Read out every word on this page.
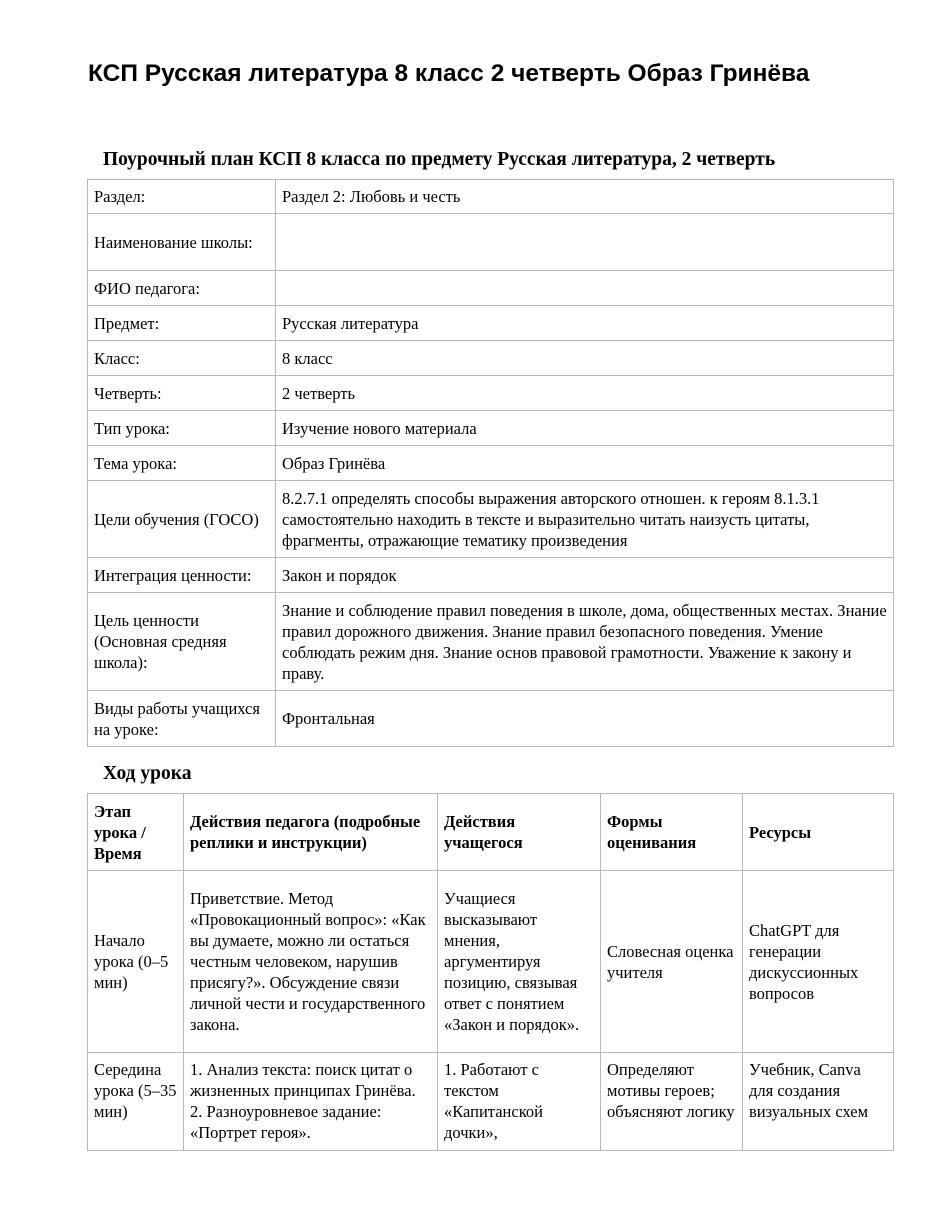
КСП Русская литература 8 класс 2 четверть Образ Гринёва
Поурочный план КСП 8 класса по предмету Русская литература, 2 четверть
Раздел:	Раздел 2: Любовь и честь
Наименование школы:	
ФИО педагога:	
Предмет:	Русская литература
Класс:	8 класс
Четверть:	2 четверть
Тип урока:	Изучение нового материала
Тема урока:	Образ Гринёва
Цели обучения (ГОСО)	8.2.7.1 определять способы выражения авторского отношен. к героям 8.1.3.1 самостоятельно находить в тексте и выразительно читать наизусть цитаты, фрагменты, отражающие тематику произведения
Интеграция ценности:	Закон и порядок
Цель ценности (Основная средняя школа):	Знание и соблюдение правил поведения в школе, дома, общественных местах. Знание правил дорожного движения. Знание правил безопасного поведения. Умение соблюдать режим дня. Знание основ правовой грамотности. Уважение к закону и праву.
Виды работы учащихся на уроке:	Фронтальная
Ход урока
Этап урока / Время	Действия педагога (подробные реплики и инструкции)	Действия учащегося	Формы оценивания	Ресурсы
Начало урока (0–5 мин)	Приветствие. Метод «Провокационный вопрос»: «Как вы думаете, можно ли остаться честным человеком, нарушив присягу?». Обсуждение связи личной чести и государственного закона.	Учащиеся высказывают мнения, аргументируя позицию, связывая ответ с понятием «Закон и порядок».	Словесная оценка учителя	ChatGPT для генерации дискуссионных вопросов
Середина урока (5–35 мин)	1. Анализ текста: поиск цитат о жизненных принципах Гринёва. 2. Разноуровневое задание: «Портрет героя».	1. Работают с текстом «Капитанской дочки»,	Определяют мотивы героев; объясняют логику	Учебник, Canva для создания визуальных схем
